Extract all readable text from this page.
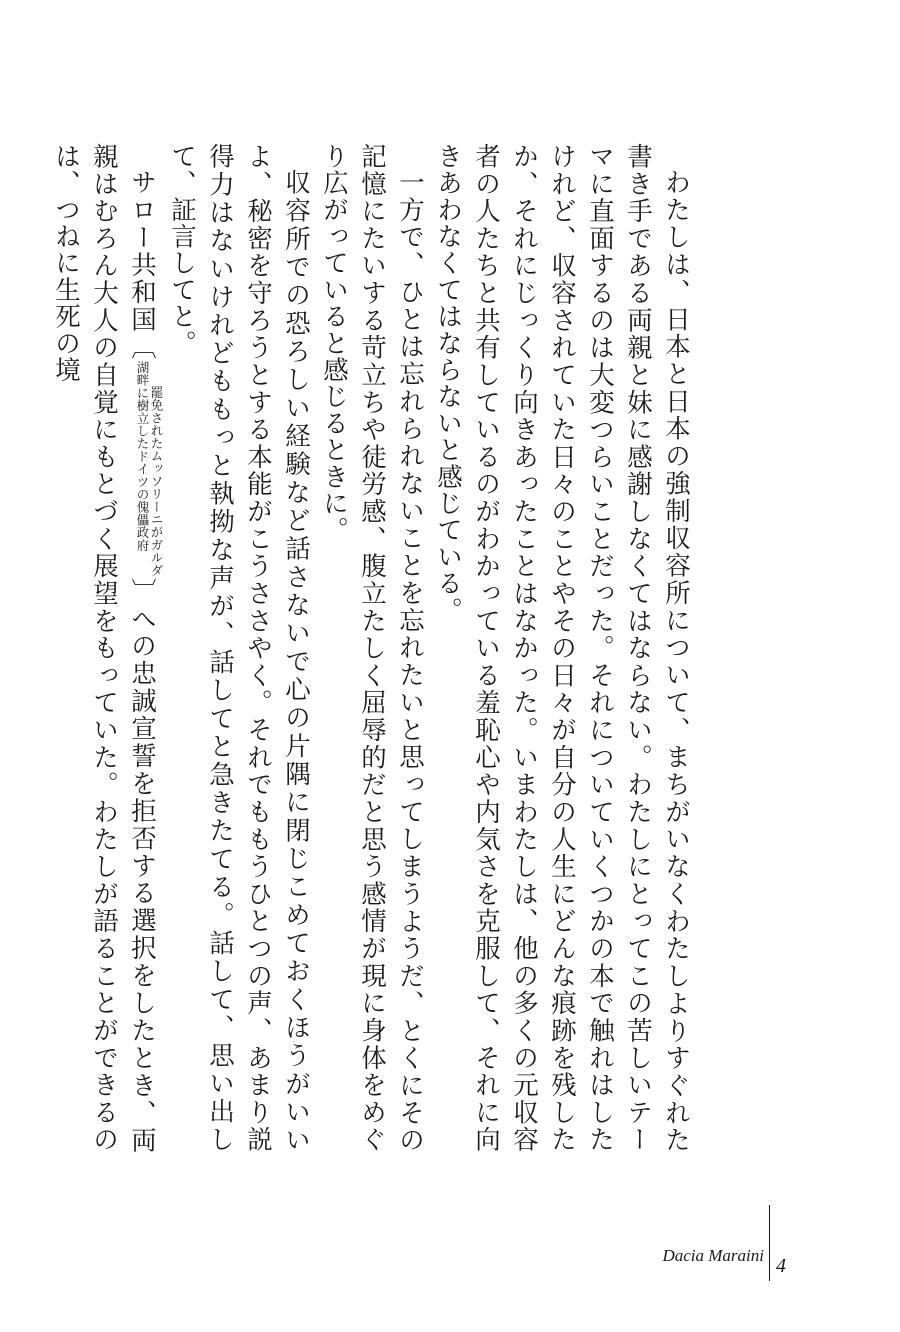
わたしは、日本と日本の強制収容所について、まちがいなくわたしよりすぐれた書き手である両親と妹に感謝しなくてはならない。わたしにとってこの苦しいテーマに直面するのは大変つらいことだった。それについていくつかの本で触れはしたけれど、収容されていた日々のことやその日々が自分の人生にどんな痕跡を残したか、それにじっくり向きあったことはなかった。いまわたしは、他の多くの元収容者の人たちと共有しているのがわかっている羞恥心や内気さを克服して、それに向きあわなくてはならないと感じている。

一方で、ひとは忘れられないことを忘れたいと思ってしまうようだ、とくにその記憶にたいする苛立ちや徒労感、腹立たしく屈辱的だと思う感情が現に身体をめぐり広がっていると感じるときに。

収容所での恐ろしい経験など話さないで心の片隅に閉じこめておくほうがいいよ、秘密を守ろうとする本能がこうささやく。それでももうひとつの声、あまり説得力はないけれどももっと執拗な声が、話してと急きたてる。話して、思い出して、証言してと。

サロー共和国〔罷免されたムッソリーニがガルダ
湖畔に樹立したドイツの傀儡政府〕への忠誠宣誓を拒否する選択をしたとき、両親はむろん大人の自覚にもとづく展望をもっていた。わたしが語ることができるのは、つねに生死の境

Dacia Maraini 4
